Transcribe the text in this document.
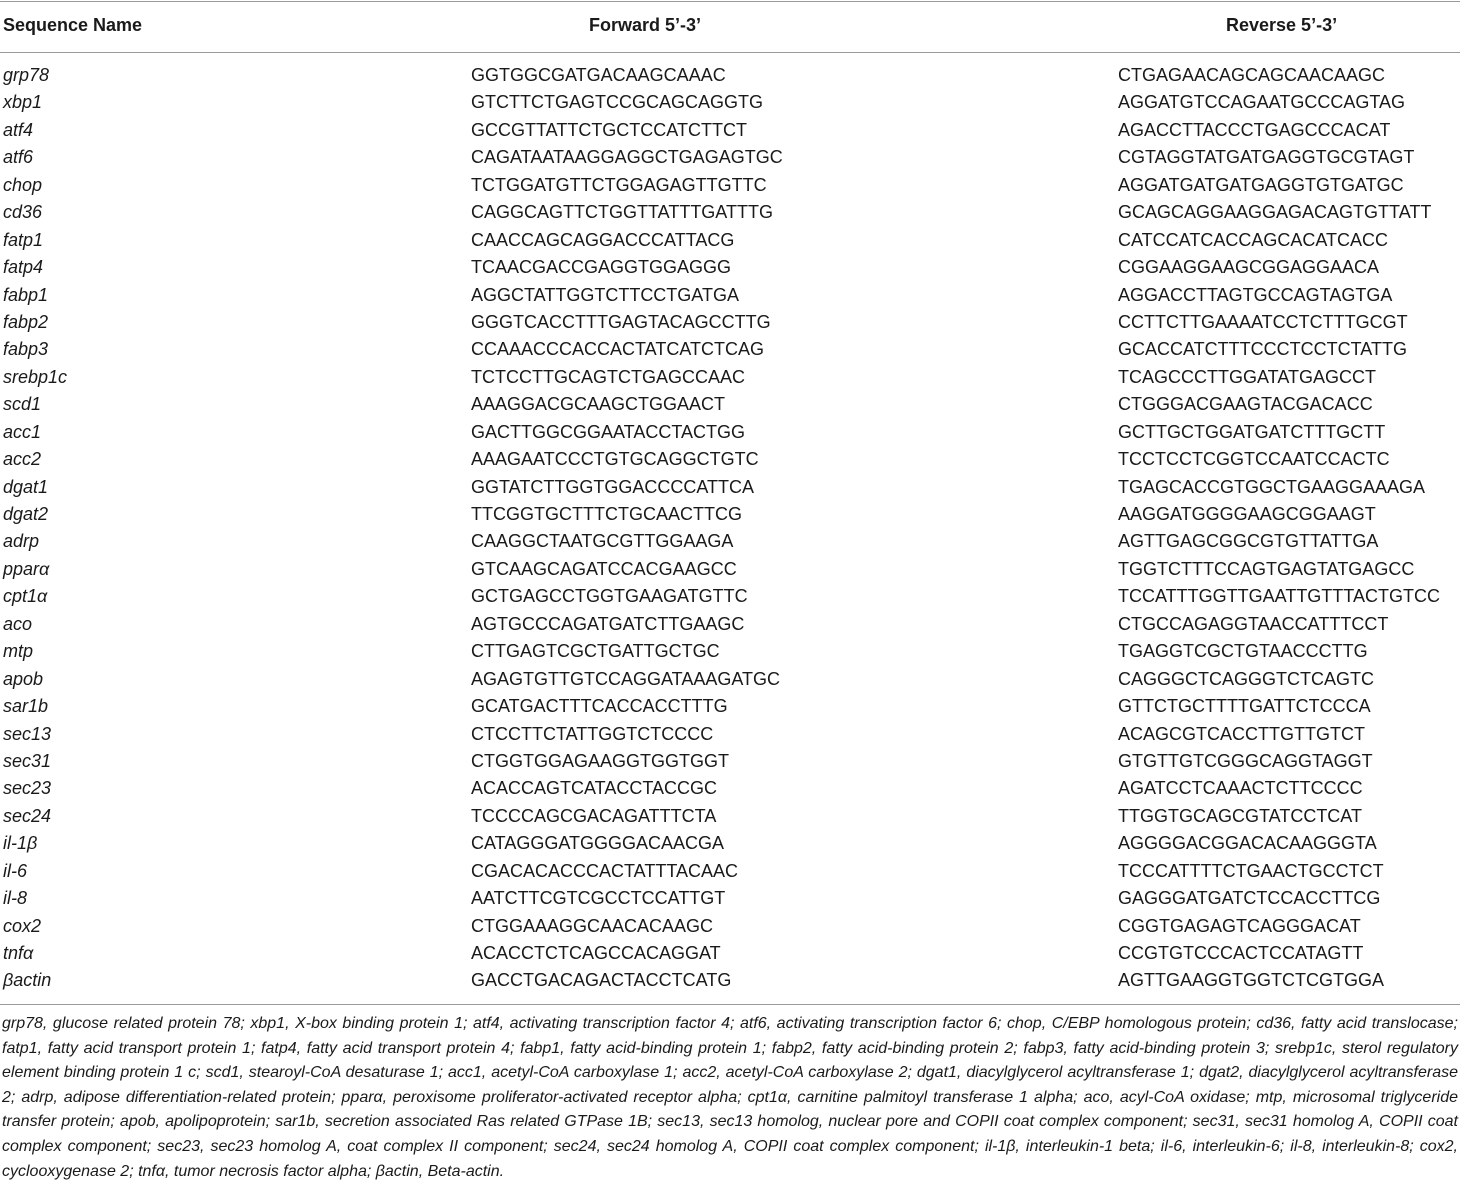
Sequence Name	Forward 5’-3’	Reverse 5’-3’
grp78	GGTGGCGATGACAAGCAAAC	CTGAGAACAGCAGCAACAAGC
xbp1	GTCTTCTGAGTCCGCAGCAGGTG	AGGATGTCCAGAATGCCCAGTAG
atf4	GCCGTTATTCTGCTCCATCTTCT	AGACCTTACCCTGAGCCCACAT
atf6	CAGATAATAAGGAGGCTGAGAGTGC	CGTAGGTATGATGAGGTGCGTAGT
chop	TCTGGATGTTCTGGAGAGTTGTTC	AGGATGATGATGAGGTGTGATGC
cd36	CAGGCAGTTCTGGTTATTTGATTTG	GCAGCAGGAAGGAGACAGTGTTATT
fatp1	CAACCAGCAGGACCCATTACG	CATCCATCACCAGCACATCACC
fatp4	TCAACGACCGAGGTGGAGGG	CGGAAGGAAGCGGAGGAACA
fabp1	AGGCTATTGGTCTTCCTGATGA	AGGACCTTAGTGCCAGTAGTGA
fabp2	GGGTCACCTTTGAGTACAGCCTTG	CCTTCTTGAAAATCCTCTTTGCGT
fabp3	CCAAACCCACCACTATCATCTCAG	GCACCATCTTTCCCTCCTCTATTG
srebp1c	TCTCCTTGCAGTCTGAGCCAAC	TCAGCCCTTGGATATGAGCCT
scd1	AAAGGACGCAAGCTGGAACT	CTGGGACGAAGTACGACACC
acc1	GACTTGGCGGAATACCTACTGG	GCTTGCTGGATGATCTTTGCTT
acc2	AAAGAATCCCTGTGCAGGCTGTC	TCCTCCTCGGTCCAATCCACTC
dgat1	GGTATCTTGGTGGACCCCATTCA	TGAGCACCGTGGCTGAAGGAAAGA
dgat2	TTCGGTGCTTTCTGCAACTTCG	AAGGATGGGGAAGCGGAAGT
adrp	CAAGGCTAATGCGTTGGAAGA	AGTTGAGCGGCGTGTTATTGA
pparα	GTCAAGCAGATCCACGAAGCC	TGGTCTTTCCAGTGAGTATGAGCC
cpt1α	GCTGAGCCTGGTGAAGATGTTC	TCCATTTGGTTGAATTGTTTACTGTCC
aco	AGTGCCCAGATGATCTTGAAGC	CTGCCAGAGGTAACCATTTCCT
mtp	CTTGAGTCGCTGATTGCTGC	TGAGGTCGCTGTAACCCTTG
apob	AGAGTGTTGTCCAGGATAAAGATGC	CAGGGCTCAGGGTCTCAGTC
sar1b	GCATGACTTTCACCACCTTTG	GTTCTGCTTTTGATTCTCCCA
sec13	CTCCTTCTATTGGTCTCCCC	ACAGCGTCACCTTGTTGTCT
sec31	CTGGTGGAGAAGGTGGTGGT	GTGTTGTCGGGCAGGTAGGT
sec23	ACACCAGTCATACCTACCGC	AGATCCTCAAACTCTTCCCC
sec24	TCCCCAGCGACAGATTTCTA	TTGGTGCAGCGTATCCTCAT
il-1β	CATAGGGATGGGGACAACGA	AGGGGACGGACACAAGGGTA
il-6	CGACACACCCACTATTTACAAC	TCCCATTTTCTGAACTGCCTCT
il-8	AATCTTCGTCGCCTCCATTGT	GAGGGATGATCTCCACCTTCG
cox2	CTGGAAAGGCAACACAAGC	CGGTGAGAGTCAGGGACAT
tnfα	ACACCTCTCAGCCACAGGAT	CCGTGTCCCACTCCATAGTT
βactin	GACCTGACAGACTACCTCATG	AGTTGAAGGTGGTCTCGTGGA
grp78, glucose related protein 78; xbp1, X-box binding protein 1; atf4, activating transcription factor 4; atf6, activating transcription factor 6; chop, C/EBP homologous protein; cd36, fatty acid translocase; fatp1, fatty acid transport protein 1; fatp4, fatty acid transport protein 4; fabp1, fatty acid-binding protein 1; fabp2, fatty acid-binding protein 2; fabp3, fatty acid-binding protein 3; srebp1c, sterol regulatory element binding protein 1 c; scd1, stearoyl-CoA desaturase 1; acc1, acetyl-CoA carboxylase 1; acc2, acetyl-CoA carboxylase 2; dgat1, diacylglycerol acyltransferase 1; dgat2, diacylglycerol acyltransferase 2; adrp, adipose differentiation-related protein; pparα, peroxisome proliferator-activated receptor alpha; cpt1α, carnitine palmitoyl transferase 1 alpha; aco, acyl-CoA oxidase; mtp, microsomal triglyceride transfer protein; apob, apolipoprotein; sar1b, secretion associated Ras related GTPase 1B; sec13, sec13 homolog, nuclear pore and COPII coat complex component; sec31, sec31 homolog A, COPII coat complex component; sec23, sec23 homolog A, coat complex II component; sec24, sec24 homolog A, COPII coat complex component; il-1β, interleukin-1 beta; il-6, interleukin-6; il-8, interleukin-8; cox2, cyclooxygenase 2; tnfα, tumor necrosis factor alpha; βactin, Beta-actin.
